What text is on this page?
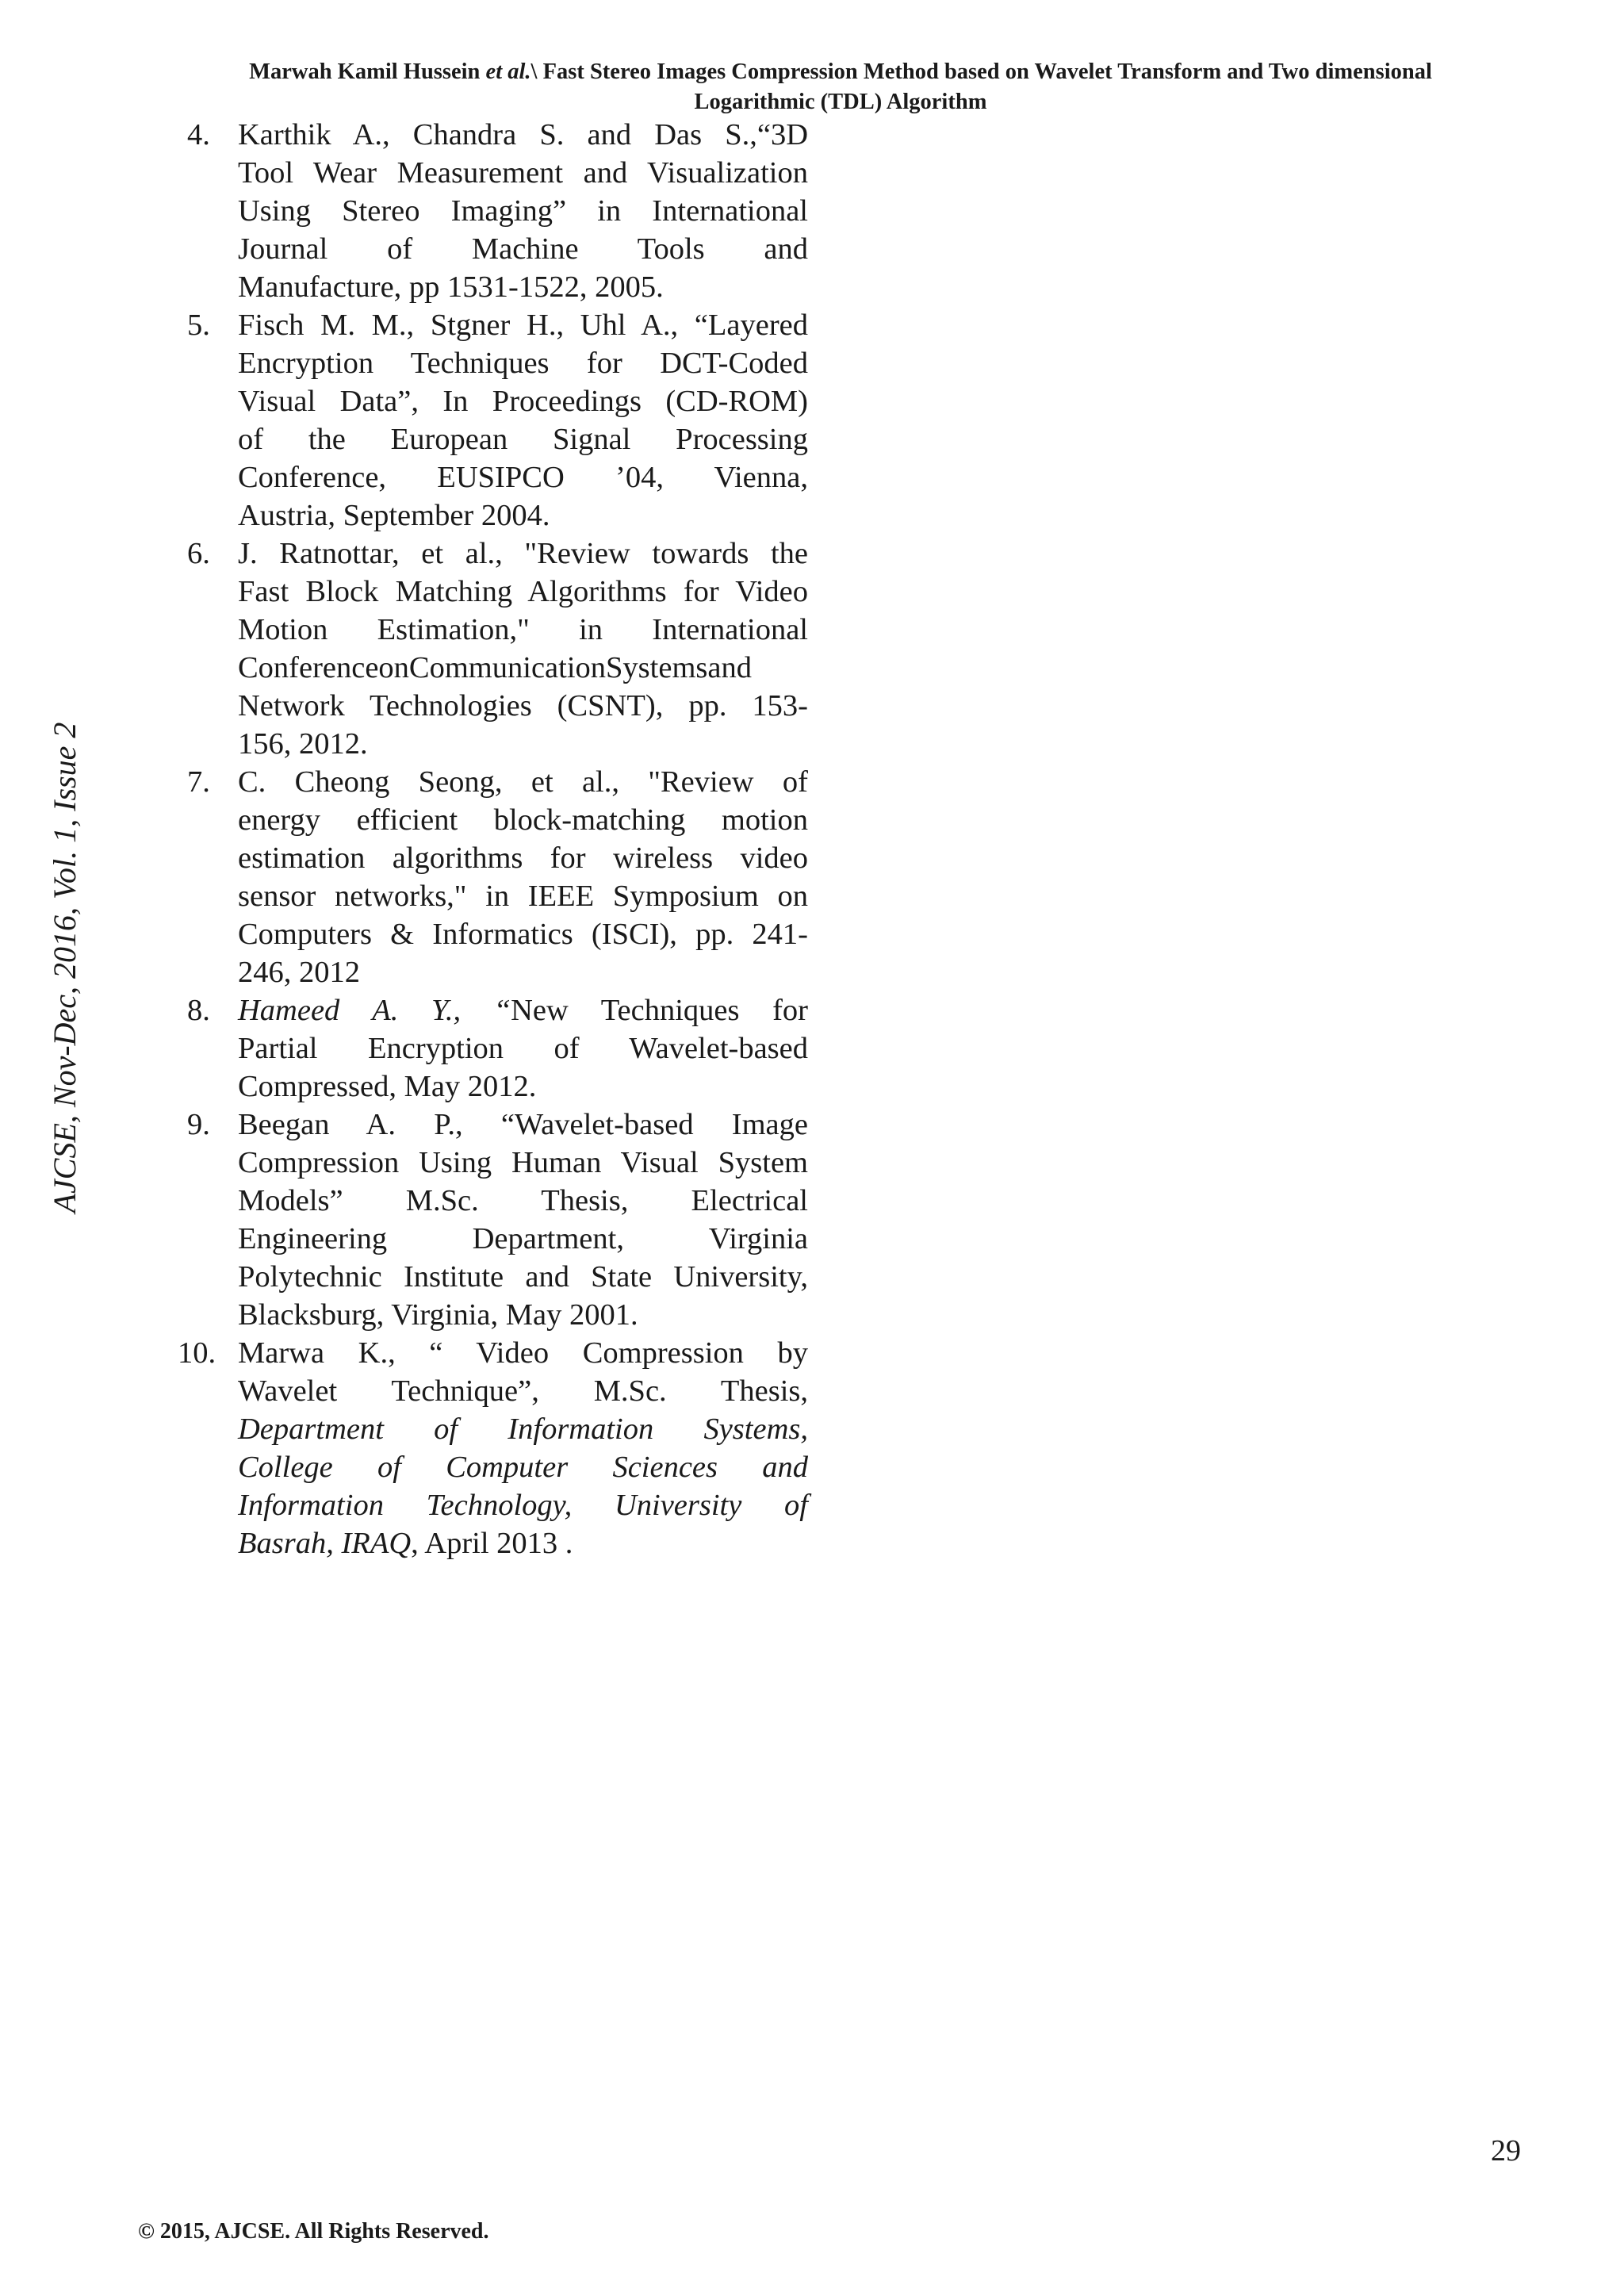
Marwah Kamil Hussein et al.\ Fast Stereo Images Compression Method based on Wavelet Transform and Two dimensional
Logarithmic (TDL) Algorithm
AJCSE, Nov-Dec, 2016, Vol. 1, Issue 2
4. Karthik A., Chandra S. and Das S.,“3D
Tool Wear Measurement and Visualization
Using Stereo Imaging” in International
Journal of Machine Tools and
Manufacture, pp 1531-1522, 2005.
5. Fisch M. M., Stgner H., Uhl A., “Layered
Encryption Techniques for DCT-Coded
Visual Data”, In Proceedings (CD-ROM)
of the European Signal Processing
Conference, EUSIPCO ’04, Vienna,
Austria, September 2004.
6. J. Ratnottar, et al., "Review towards the
Fast Block Matching Algorithms for Video
Motion Estimation," in International
ConferenceonCommunicationSystemsand
Network Technologies (CSNT), pp. 153-
156, 2012.
7. C. Cheong Seong, et al., "Review of
energy efficient block-matching motion
estimation algorithms for wireless video
sensor networks," in IEEE Symposium on
Computers & Informatics (ISCI), pp. 241-
246, 2012
8. Hameed A. Y., “New Techniques for
Partial Encryption of Wavelet-based
Compressed, May 2012.
9. Beegan A. P., “Wavelet-based Image
Compression Using Human Visual System
Models” M.Sc. Thesis, Electrical
Engineering Department, Virginia
Polytechnic Institute and State University,
Blacksburg, Virginia, May 2001.
10. Marwa K., “ Video Compression by
Wavelet Technique”, M.Sc. Thesis,
Department of Information Systems,
College of Computer Sciences and
Information Technology, University of
Basrah, IRAQ, April 2013 .
29
© 2015, AJCSE. All Rights Reserved.
